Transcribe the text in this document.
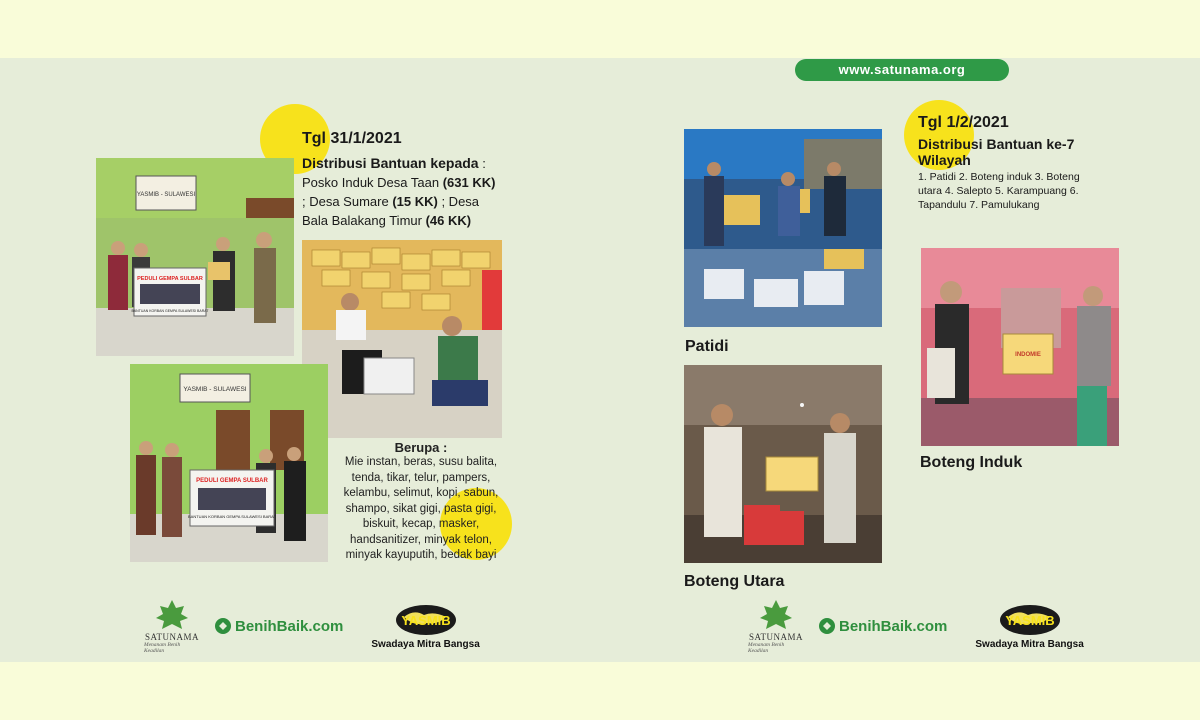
www.satunama.org
Tgl 31/1/2021
Distribusi Bantuan kepada :
Posko Induk Desa Taan (631 KK)
; Desa Sumare (15 KK) ; Desa
Bala Balakang Timur (46 KK)
YASMIB - SULAWESI
PEDULI GEMPA SULBAR
BANTUAN KORBAN GEMPA SULAWESI BARAT
YASMIB - SULAWESI
PEDULI GEMPA SULBAR
BANTUAN KORBAN GEMPA SULAWESI BARAT
Berupa :
Mie instan, beras, susu balita,
tenda, tikar, telur, pampers,
kelambu, selimut, kopi, sabun,
shampo, sikat gigi, pasta gigi,
biskuit, kecap, masker,
handsanitizer, minyak telon,
minyak kayuputih, bedak bayi
SATUNAMA
Menanam Benih Keadilan
BenihBaik.com	YASMIB
Swadaya Mitra Bangsa
Tgl 1/2/2021
Distribusi Bantuan ke-7
Wilayah
1. Patidi 2. Boteng induk 3. Boteng
utara 4. Salepto 5. Karampuang 6.
Tapandulu 7. Pamulukang
Patidi	INDOMIE
Boteng Induk
Boteng Utara
SATUNAMA
Menanam Benih Keadilan
BenihBaik.com	YASMIB
Swadaya Mitra Bangsa
